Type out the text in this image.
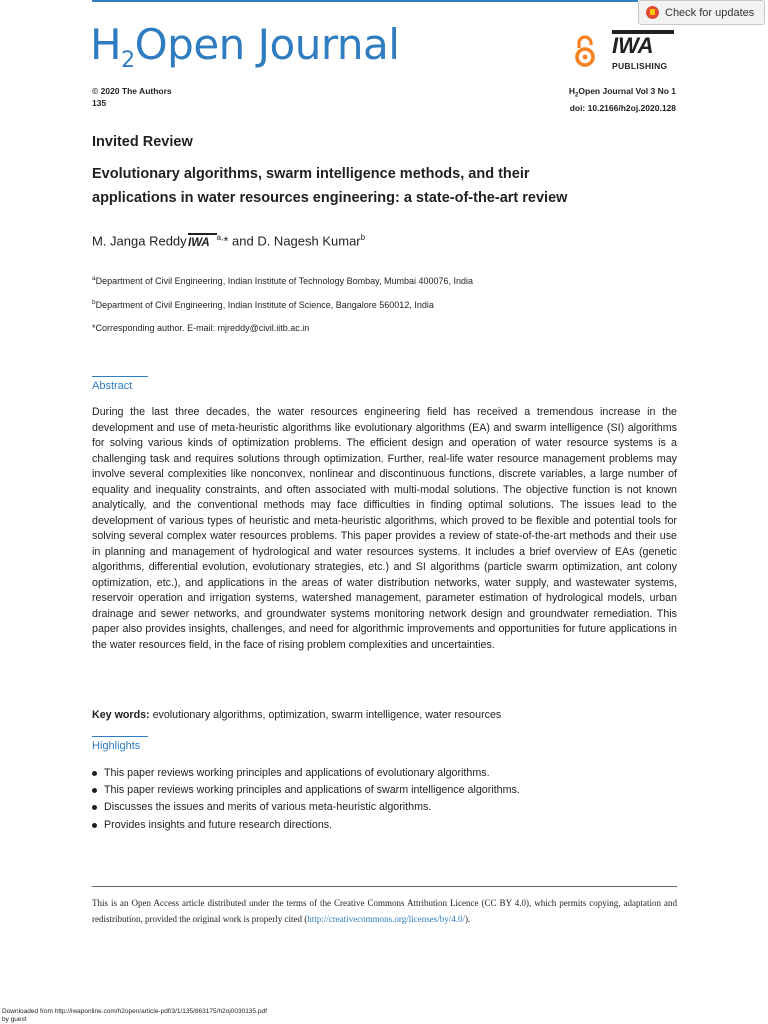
$H_2Open$ Journal
Check for updates
IWA
PUBLISHING
© 2020 The Authors
135
$H_2Open$ Journal Vol 3 No 1
doi: 10.2166/h2oj.2020.128
Invited Review
Evolutionary algorithms, swarm intelligence methods, and their
applications in water resources engineering: a state-of-the-art review
M. Janga Reddy IWA $^{a,}$* and D. Nagesh Kumar$^b$
$^a$Department of Civil Engineering, Indian Institute of Technology Bombay, Mumbai 400076, India
$^b$Department of Civil Engineering, Indian Institute of Science, Bangalore 560012, India
*Corresponding author. E-mail: mjreddy@civil.iitb.ac.in
Abstract
During the last three decades, the water resources engineering field has received a tremendous increase in the development and use of meta-heuristic algorithms like evolutionary algorithms (EA) and swarm intelligence (SI) algorithms for solving various kinds of optimization problems. The efficient design and operation of water resource systems is a challenging task and requires solutions through optimization. Further, real-life water resource management problems may involve several complexities like nonconvex, nonlinear and discontinuous functions, discrete variables, a large number of equality and inequality constraints, and often associated with multi-modal solutions. The objective function is not known analytically, and the conventional methods may face difficulties in finding optimal solutions. The issues lead to the development of various types of heuristic and meta-heuristic algorithms, which proved to be flexible and potential tools for solving several complex water resources problems. This paper provides a review of state-of-the-art methods and their use in planning and management of hydrological and water resources systems. It includes a brief overview of EAs (genetic algorithms, differential evolution, evolutionary strategies, etc.) and SI algorithms (particle swarm optimization, ant colony optimization, etc.), and applications in the areas of water distribution networks, water supply, and wastewater systems, reservoir operation and irrigation systems, watershed management, parameter estimation of hydrological models, urban drainage and sewer networks, and groundwater systems monitoring network design and groundwater remediation. This paper also provides insights, challenges, and need for algorithmic improvements and opportunities for future applications in the water resources field, in the face of rising problem complexities and uncertainties.
Key words: evolutionary algorithms, optimization, swarm intelligence, water resources
Highlights
This paper reviews working principles and applications of evolutionary algorithms.
This paper reviews working principles and applications of swarm intelligence algorithms.
Discusses the issues and merits of various meta-heuristic algorithms.
Provides insights and future research directions.
This is an Open Access article distributed under the terms of the Creative Commons Attribution Licence (CC BY 4.0), which permits copying, adaptation and redistribution, provided the original work is properly cited (http://creativecommons.org/licenses/by/4.0/).
Downloaded from http://iwaponline.com/h2open/article-pdf/3/1/135/863175/h2oj0030135.pdf
by guest
